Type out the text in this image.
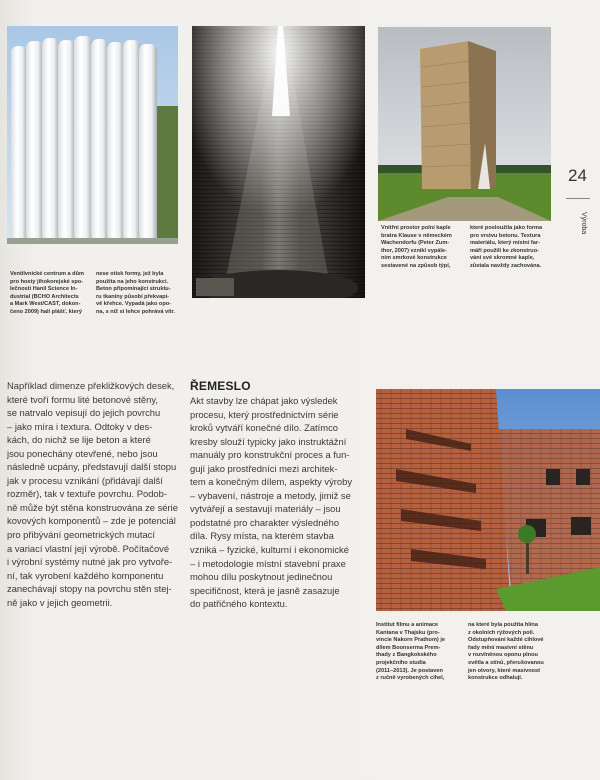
Ventilvnické centrum a dům
pro hosty jihokorejské spo-
lečnosti Hanil Science In-
dustrial (BCHO Architects
a Mark West/CAST, dokon-
čeno 2009) halí plášť, který
nese otisk formy, jež byla
použita na jeho konstrukci.
Beton připomínající struktu-
ru tkaniny působí překvapi-
vě křehce. Vypadá jako opo-
na, s níž si lehce pohrává vítr.
Vnitřní prostor polní kaple
bratra Klause v německém
Wachendorfu (Peter Zum-
thor, 2007) vznikl vypále-
ním smrkové konstrukce
sestavené na způsob týpí,
které posloužila jako forma
pro vrstvu betonu. Textura
materiálu, který místní far-
máři použili ke zkonstruo-
vání své skromné kaple,
zůstala navždy zachována.
Institut filmu a animace
Kantana v Thajsku (pro-
vincie Nakorn Prathom) je
dílem Boonserma Prem-
thady z Bangkokského
projekčního studia
(2011–2013). Je postaven
z ručně vyrobených cihel,
na které byla použita hlína
z okolních rýžových polí.
Odstupňování každé cihlové
řady mění masivní stěnu
v rozvlněnou oponu plnou
světla a stínů, přerušovanou
jen otvory, které masivnost
konstrukce odhalují.
24
Výroba
Například dimenze překližkových desek,
které tvoří formu lité betonové stěny,
se natrvalo vepisují do jejich povrchu
– jako míra i textura. Odtoky v des-
kách, do nichž se lije beton a které
jsou ponechány otevřené, nebo jsou
následně ucpány, představují další stopu
jak v procesu vznikání (přidávají další
rozměr), tak v textuře povrchu. Podob-
ně může být stěna konstruována ze série
kovových komponentů – zde je potenciál
pro přibývání geometrických mutací
a variací vlastní její výrobě. Počítačové
i výrobní systémy nutné jak pro vytvoře-
ní, tak vyrobení každého komponentu
zanechávají stopy na povrchu stěn stej-
ně jako v jejich geometrii.
ŘEMESLO
Akt stavby lze chápat jako výsledek
procesu, který prostřednictvím série
kroků vytváří konečné dílo. Zatímco
kresby slouží typicky jako instruktážní
manuály pro konstrukční proces a fun-
gují jako prostředníci mezi architek-
tem a konečným dílem, aspekty výroby
– vybavení, nástroje a metody, jimiž se
vytvářejí a sestavují materiály – jsou
podstatné pro charakter výsledného
díla. Rysy místa, na kterém stavba
vzniká – fyzické, kulturní i ekonomické
– i metodologie místní stavební praxe
mohou dílu poskytnout jedinečnou
specifičnost, která je jasně zasazuje
do patřičného kontextu.
